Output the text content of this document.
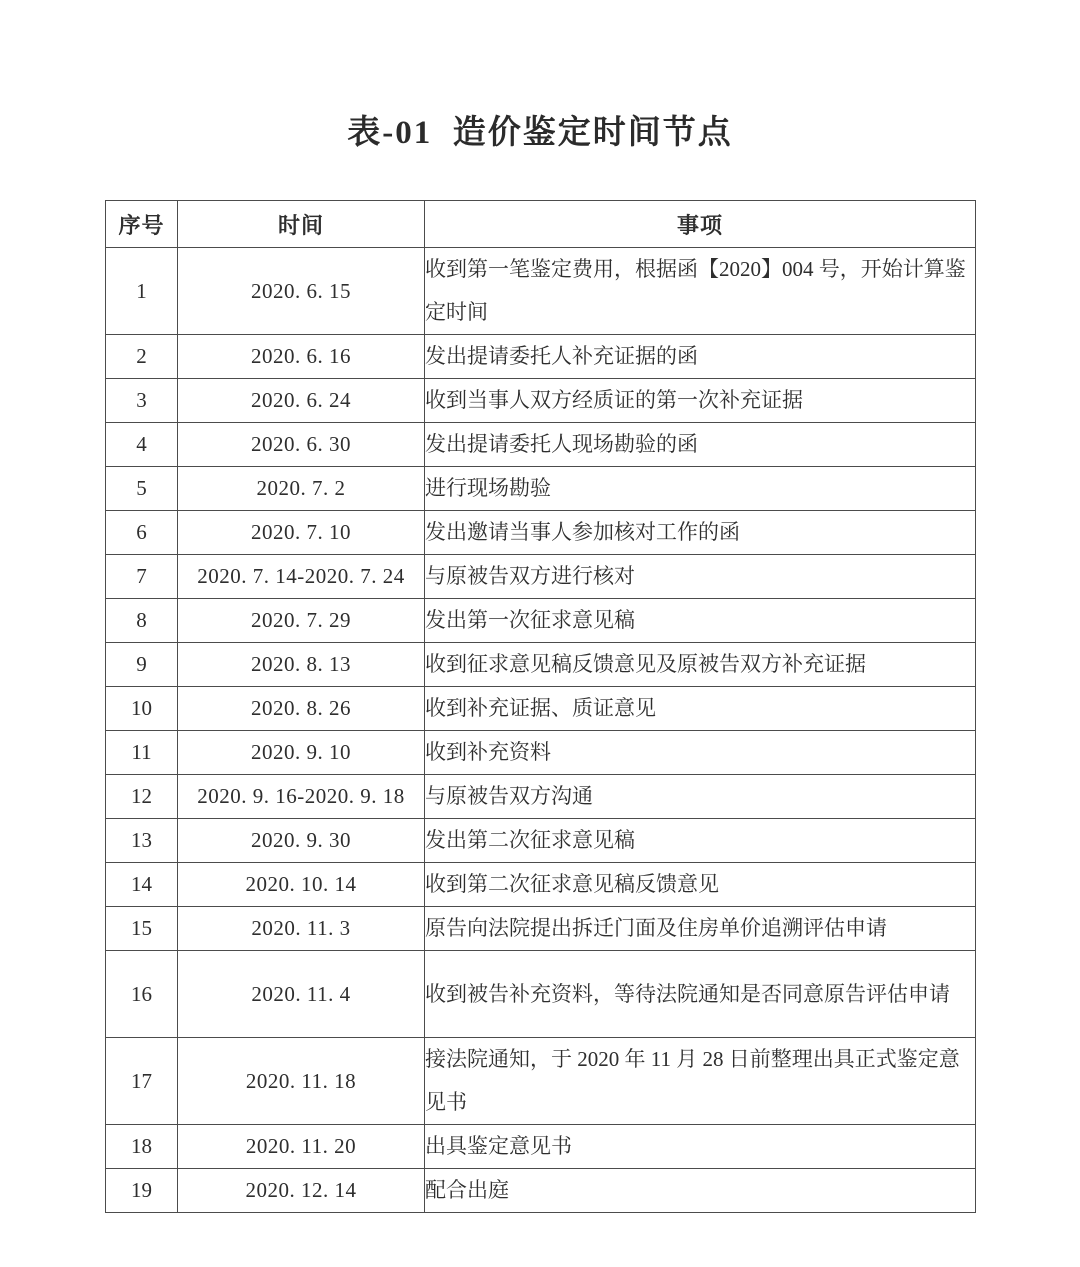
表-01  造价鉴定时间节点
序号	时间	事项
1	2020. 6. 15	收到第一笔鉴定费用，根据函【2020】004 号，开始计算鉴定时间
2	2020. 6. 16	发出提请委托人补充证据的函
3	2020. 6. 24	收到当事人双方经质证的第一次补充证据
4	2020. 6. 30	发出提请委托人现场勘验的函
5	2020. 7. 2	进行现场勘验
6	2020. 7. 10	发出邀请当事人参加核对工作的函
7	2020. 7. 14-2020. 7. 24	与原被告双方进行核对
8	2020. 7. 29	发出第一次征求意见稿
9	2020. 8. 13	收到征求意见稿反馈意见及原被告双方补充证据
10	2020. 8. 26	收到补充证据、质证意见
11	2020. 9. 10	收到补充资料
12	2020. 9. 16-2020. 9. 18	与原被告双方沟通
13	2020. 9. 30	发出第二次征求意见稿
14	2020. 10. 14	收到第二次征求意见稿反馈意见
15	2020. 11. 3	原告向法院提出拆迁门面及住房单价追溯评估申请
16	2020. 11. 4	收到被告补充资料，等待法院通知是否同意原告评估申请
17	2020. 11. 18	接法院通知，于 2020 年 11 月 28 日前整理出具正式鉴定意见书
18	2020. 11. 20	出具鉴定意见书
19	2020. 12. 14	配合出庭
